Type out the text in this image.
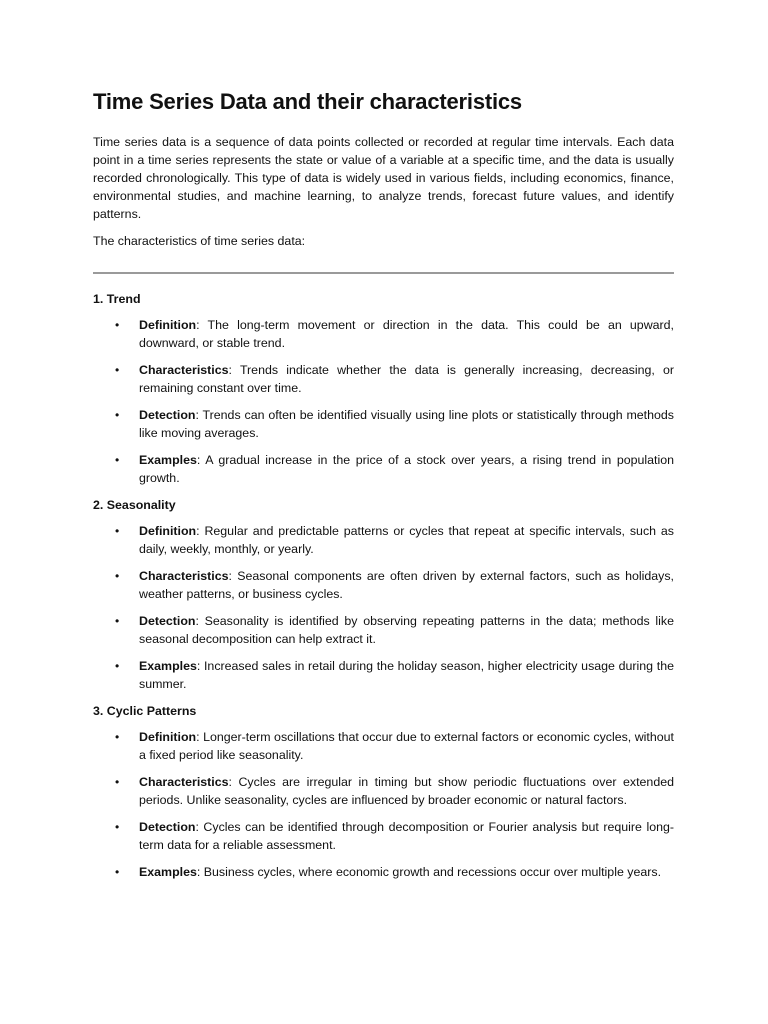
Time Series Data and their characteristics

Time series data is a sequence of data points collected or recorded at regular time intervals. Each data point in a time series represents the state or value of a variable at a specific time, and the data is usually recorded chronologically. This type of data is widely used in various fields, including economics, finance, environmental studies, and machine learning, to analyze trends, forecast future values, and identify patterns.

The characteristics of time series data:

1. Trend
• Definition: The long-term movement or direction in the data. This could be an upward, downward, or stable trend.
• Characteristics: Trends indicate whether the data is generally increasing, decreasing, or remaining constant over time.
• Detection: Trends can often be identified visually using line plots or statistically through methods like moving averages.
• Examples: A gradual increase in the price of a stock over years, a rising trend in population growth.
2. Seasonality
• Definition: Regular and predictable patterns or cycles that repeat at specific intervals, such as daily, weekly, monthly, or yearly.
• Characteristics: Seasonal components are often driven by external factors, such as holidays, weather patterns, or business cycles.
• Detection: Seasonality is identified by observing repeating patterns in the data; methods like seasonal decomposition can help extract it.
• Examples: Increased sales in retail during the holiday season, higher electricity usage during the summer.
3. Cyclic Patterns
• Definition: Longer-term oscillations that occur due to external factors or economic cycles, without a fixed period like seasonality.
• Characteristics: Cycles are irregular in timing but show periodic fluctuations over extended periods. Unlike seasonality, cycles are influenced by broader economic or natural factors.
• Detection: Cycles can be identified through decomposition or Fourier analysis but require long-term data for a reliable assessment.
• Examples: Business cycles, where economic growth and recessions occur over multiple years.
